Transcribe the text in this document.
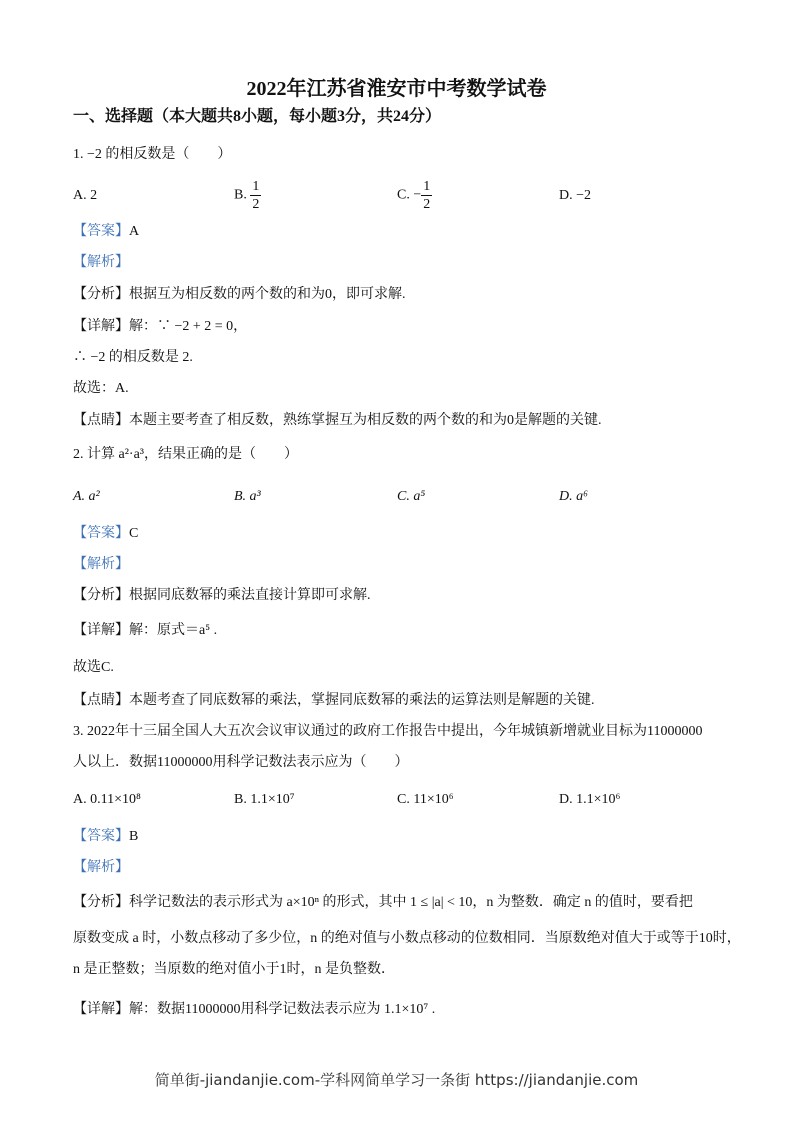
2022年江苏省淮安市中考数学试卷
一、选择题（本大题共8小题，每小题3分，共24分）
1. −2 的相反数是（　　）
A. 2	B. $\frac{1}{2}$	C. − $\frac{1}{2}$	D. −2
【答案】A
【解析】
【分析】根据互为相反数的两个数的和为0，即可求解.
【详解】解：∵ −2 + 2 = 0，
∴ −2 的相反数是 2.
故选：A.
【点睛】本题主要考查了相反数，熟练掌握互为相反数的两个数的和为0是解题的关键.
2. 计算 a²·a³，结果正确的是（　　）
A. a²	B. a³	C. a⁵	D. a⁶
【答案】C
【解析】
【分析】根据同底数幂的乘法直接计算即可求解.
【详解】解：原式＝a⁵ .
故选C.
【点睛】本题考查了同底数幂的乘法，掌握同底数幂的乘法的运算法则是解题的关键.
3. 2022年十三届全国人大五次会议审议通过的政府工作报告中提出，今年城镇新增就业目标为11000000
人以上．数据11000000用科学记数法表示应为（　　）
A. 0.11×10⁸	B. 1.1×10⁷	C. 11×10⁶	D. 1.1×10⁶
【答案】B
【解析】
【分析】科学记数法的表示形式为 a×10ⁿ 的形式，其中 1 ≤ |a| < 10，n 为整数．确定 n 的值时，要看把
原数变成 a 时，小数点移动了多少位，n 的绝对值与小数点移动的位数相同．当原数绝对值大于或等于10时，
n 是正整数；当原数的绝对值小于1时，n 是负整数．
【详解】解：数据11000000用科学记数法表示应为 1.1×10⁷ .
简单街-jiandanjie.com-学科网简单学习一条街 https://jiandanjie.com
